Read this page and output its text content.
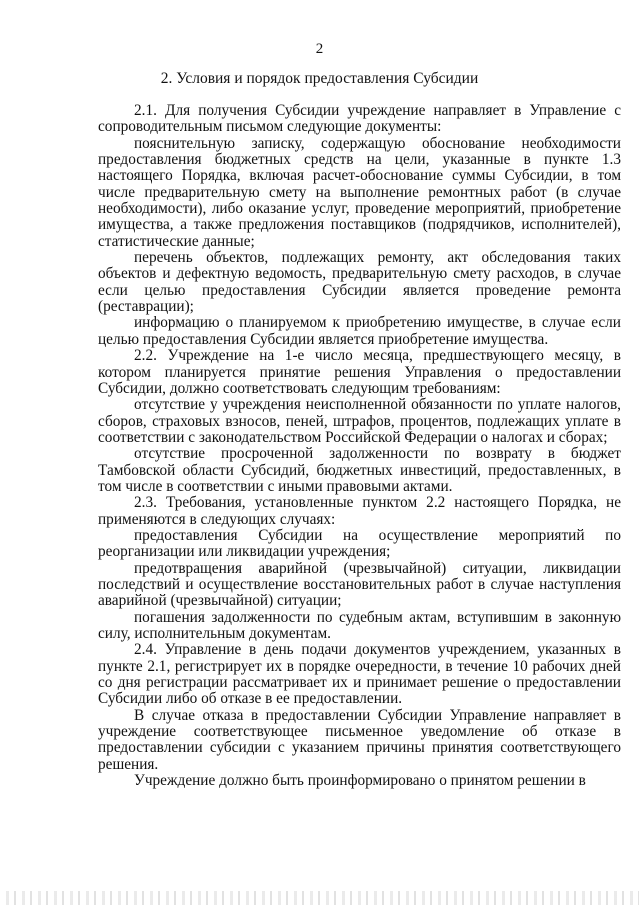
2
2. Условия и порядок предоставления Субсидии

2.1. Для получения Субсидии учреждение направляет в Управление с сопроводительным письмом следующие документы:

пояснительную записку, содержащую обоснование необходимости предоставления бюджетных средств на цели, указанные в пункте 1.3 настоящего Порядка, включая расчет-обоснование суммы Субсидии, в том числе предварительную смету на выполнение ремонтных работ (в случае необходимости), либо оказание услуг, проведение мероприятий, приобретение имущества, а также предложения поставщиков (подрядчиков, исполнителей), статистические данные;

перечень объектов, подлежащих ремонту, акт обследования таких объектов и дефектную ведомость, предварительную смету расходов, в случае если целью предоставления Субсидии является проведение ремонта (реставрации);

информацию о планируемом к приобретению имуществе, в случае если целью предоставления Субсидии является приобретение имущества.

2.2. Учреждение на 1-е число месяца, предшествующего месяцу, в котором планируется принятие решения Управления о предоставлении Субсидии, должно соответствовать следующим требованиям:

отсутствие у учреждения неисполненной обязанности по уплате налогов, сборов, страховых взносов, пеней, штрафов, процентов, подлежащих уплате в соответствии с законодательством Российской Федерации о налогах и сборах;

отсутствие просроченной задолженности по возврату в бюджет Тамбовской области Субсидий, бюджетных инвестиций, предоставленных, в том числе в соответствии с иными правовыми актами.

2.3. Требования, установленные пунктом 2.2 настоящего Порядка, не применяются в следующих случаях:

предоставления Субсидии на осуществление мероприятий по реорганизации или ликвидации учреждения;

предотвращения аварийной (чрезвычайной) ситуации, ликвидации последствий и осуществление восстановительных работ в случае наступления аварийной (чрезвычайной) ситуации;

погашения задолженности по судебным актам, вступившим в законную силу, исполнительным документам.

2.4. Управление в день подачи документов учреждением, указанных в пункте 2.1, регистрирует их в порядке очередности, в течение 10 рабочих дней со дня регистрации рассматривает их и принимает решение о предоставлении Субсидии либо об отказе в ее предоставлении.

В случае отказа в предоставлении Субсидии Управление направляет в учреждение соответствующее письменное уведомление об отказе в предоставлении субсидии с указанием причины принятия соответствующего решения.

Учреждение должно быть проинформировано о принятом решении в
